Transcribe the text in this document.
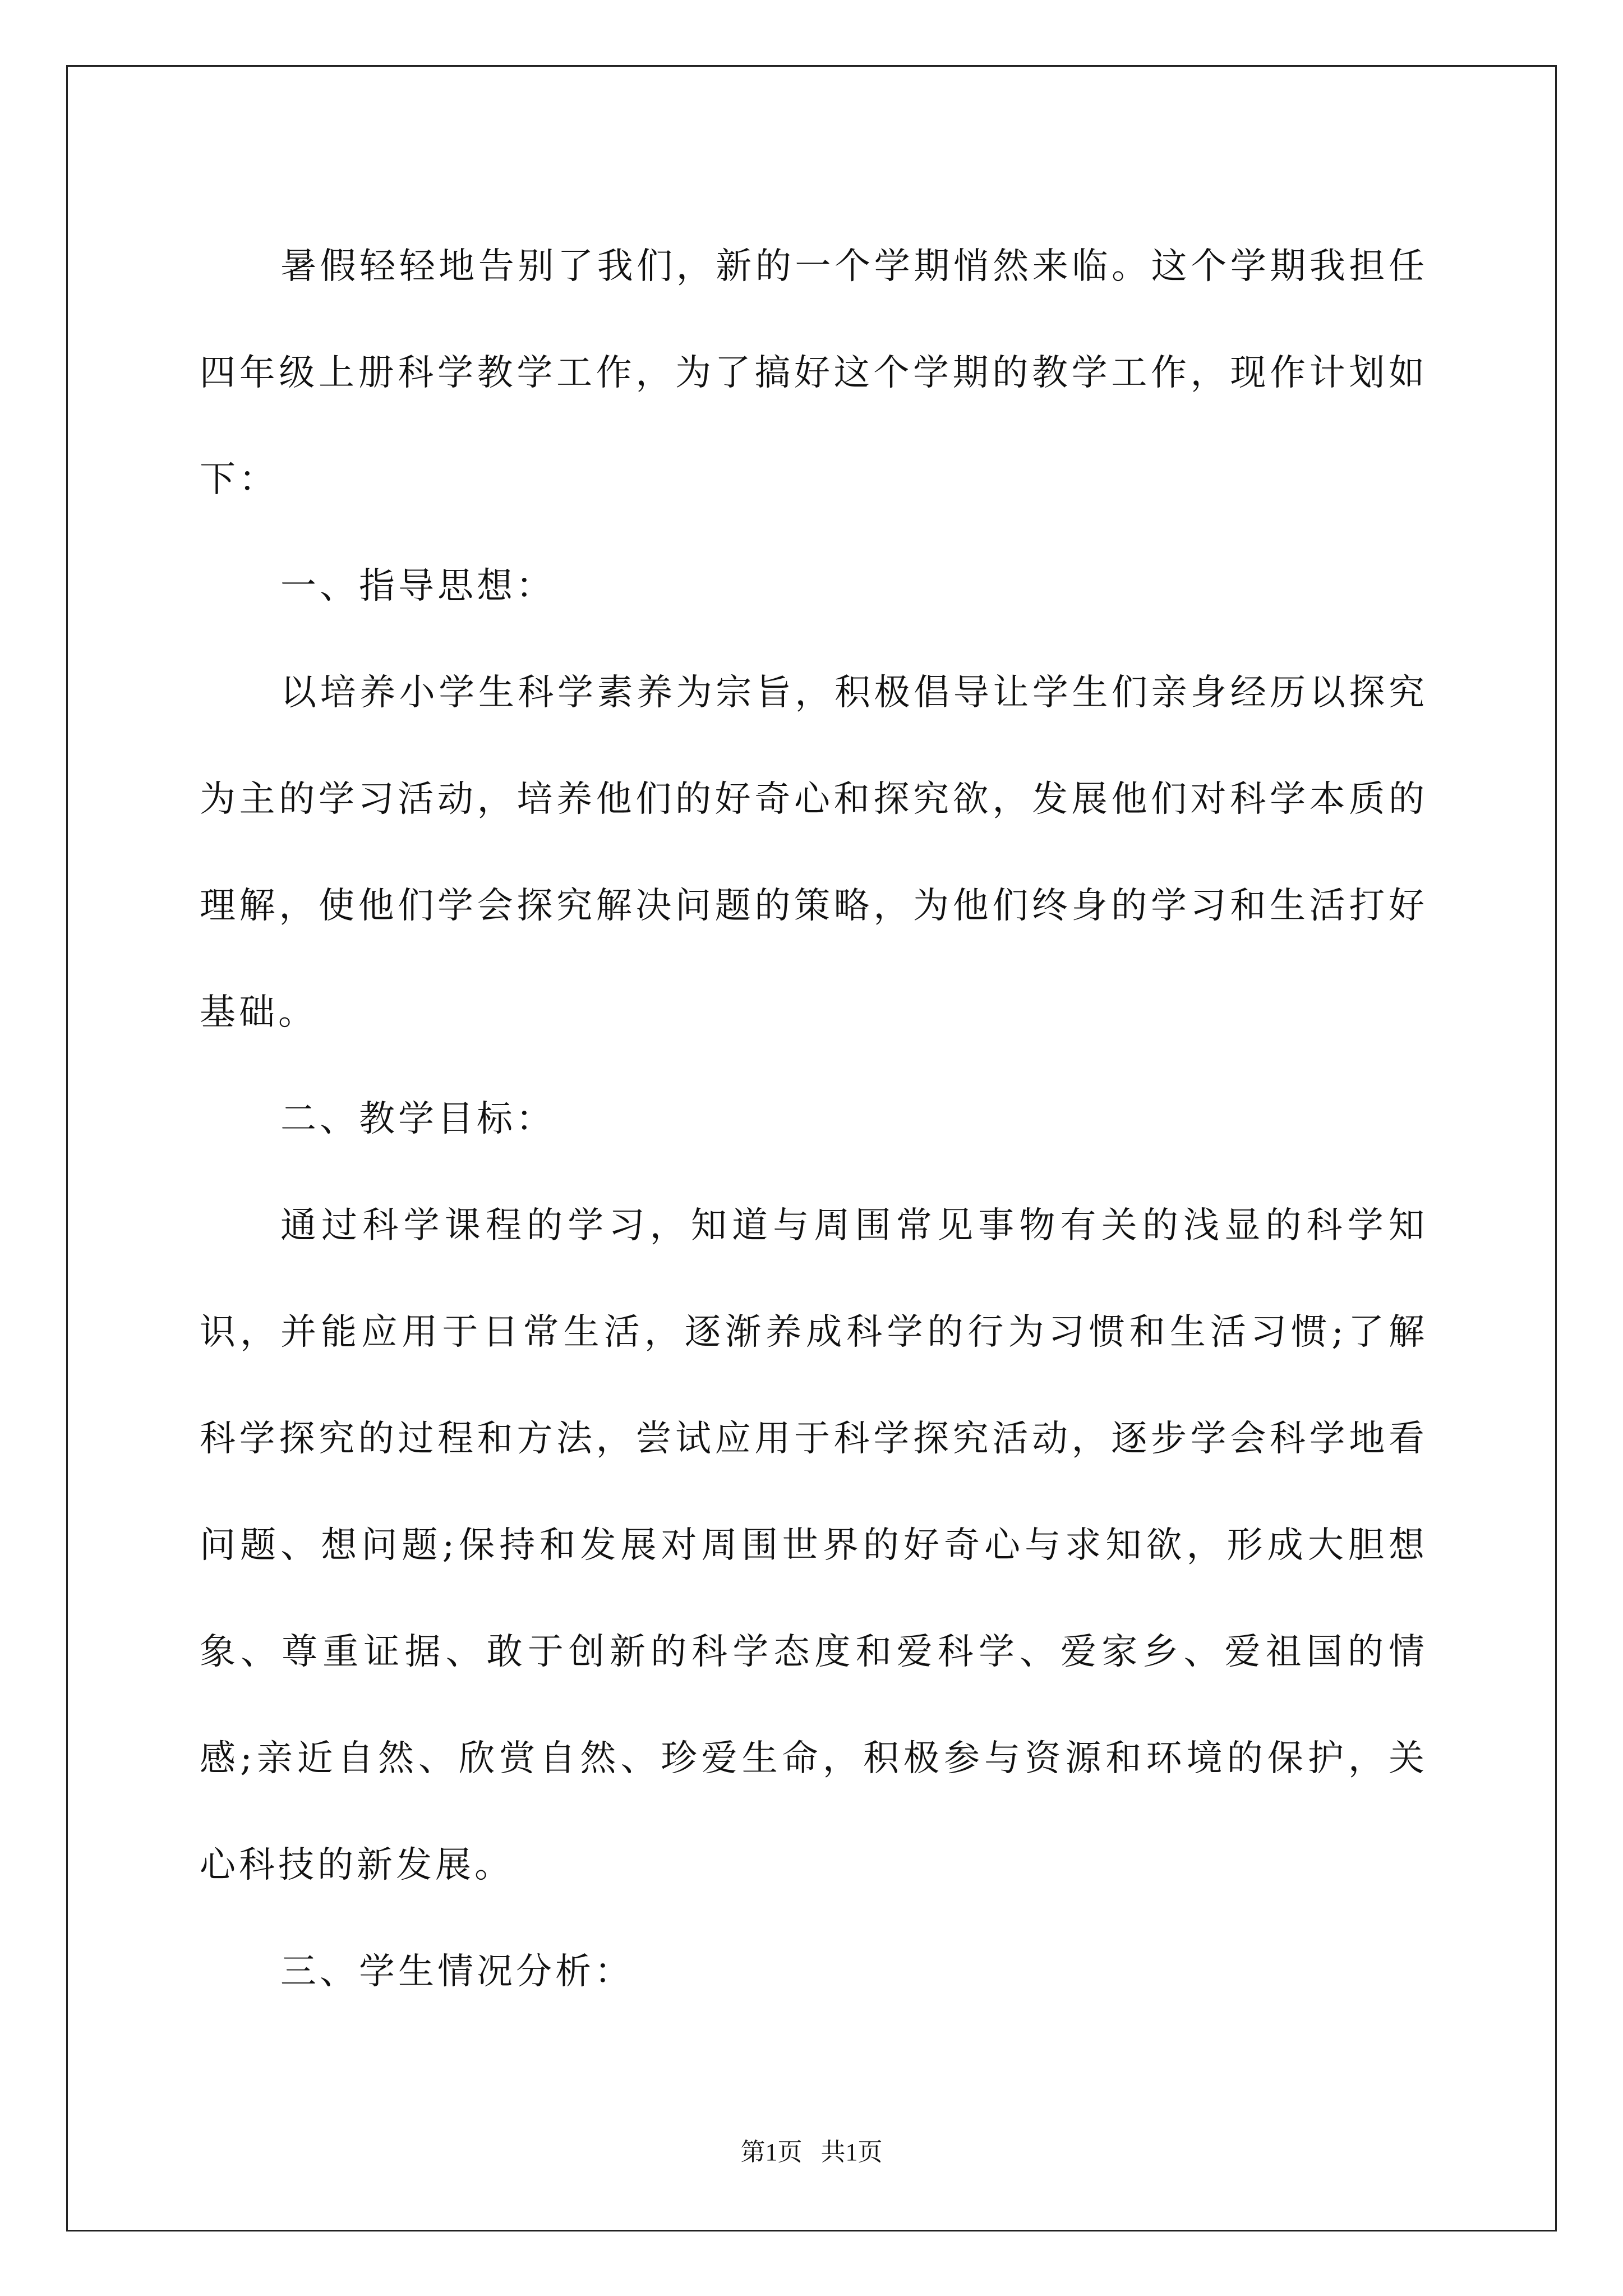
暑假轻轻地告别了我们，新的一个学期悄然来临。这个学期我担任四年级上册科学教学工作，为了搞好这个学期的教学工作，现作计划如下：

一、指导思想：

以培养小学生科学素养为宗旨，积极倡导让学生们亲身经历以探究为主的学习活动，培养他们的好奇心和探究欲，发展他们对科学本质的理解，使他们学会探究解决问题的策略，为他们终身的学习和生活打好基础。

二、教学目标：

通过科学课程的学习，知道与周围常见事物有关的浅显的科学知识，并能应用于日常生活，逐渐养成科学的行为习惯和生活习惯;了解科学探究的过程和方法，尝试应用于科学探究活动，逐步学会科学地看问题、想问题;保持和发展对周围世界的好奇心与求知欲，形成大胆想象、尊重证据、敢于创新的科学态度和爱科学、爱家乡、爱祖国的情感;亲近自然、欣赏自然、珍爱生命，积极参与资源和环境的保护，关心科技的新发展。

三、学生情况分析：

第1页 共1页
